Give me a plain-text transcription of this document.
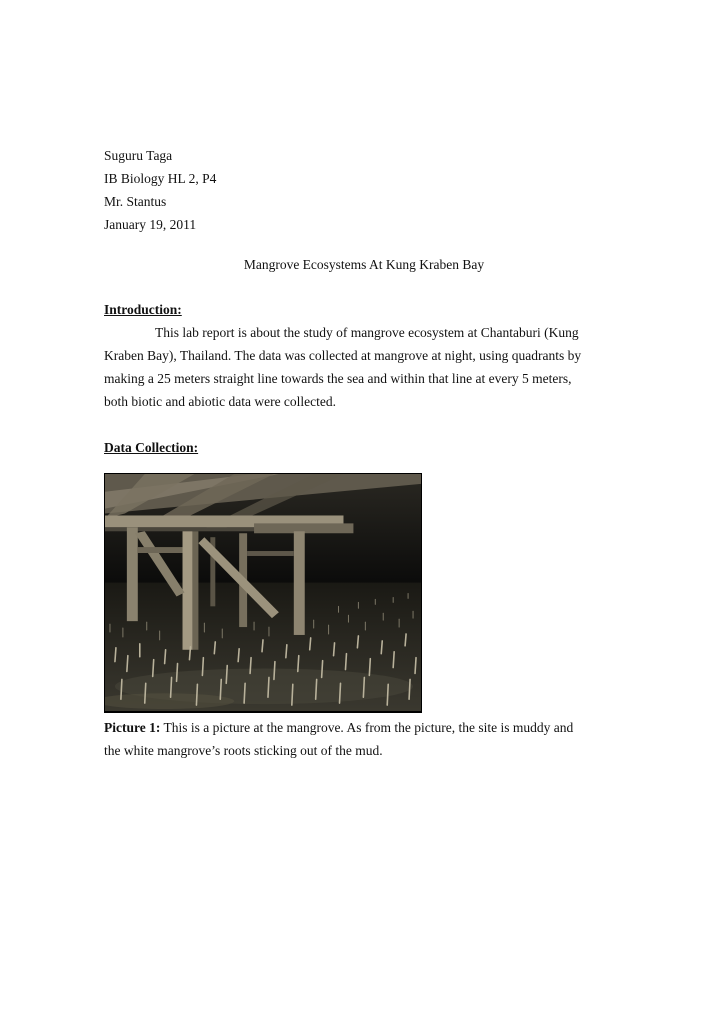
Suguru Taga
IB Biology HL 2, P4
Mr. Stantus
January 19, 2011
Mangrove Ecosystems At Kung Kraben Bay
Introduction:
This lab report is about the study of mangrove ecosystem at Chantaburi (Kung
Kraben Bay), Thailand. The data was collected at mangrove at night, using quadrants by
making a 25 meters straight line towards the sea and within that line at every 5 meters,
both biotic and abiotic data were collected.
Data Collection:
Picture 1: This is a picture at the mangrove. As from the picture, the site is muddy and
the white mangrove’s roots sticking out of the mud.
